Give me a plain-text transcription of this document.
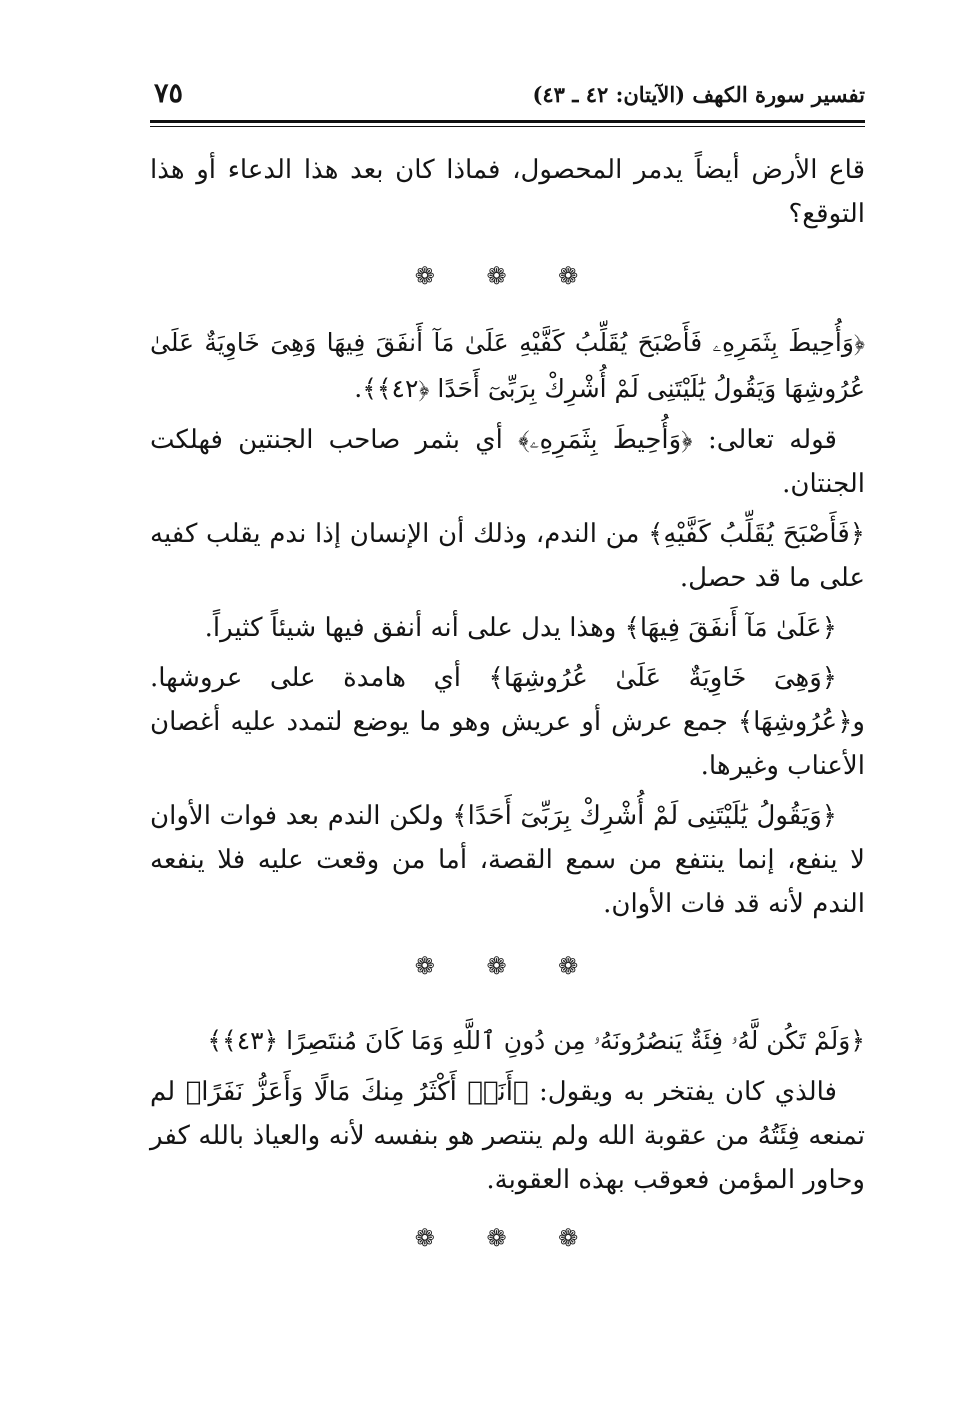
تفسير سورة الكهف (الآيتان: ٤٢ ـ ٤٣)
٧٥

قاع الأرض أيضاً يدمر المحصول، فماذا كان بعد هذا الدعاء أو هذا التوقع؟

❁ ❁ ❁

﴿وَأُحِيطَ بِثَمَرِهِۦ فَأَصْبَحَ يُقَلِّبُ كَفَّيْهِ عَلَىٰ مَآ أَنفَقَ فِيهَا وَهِىَ خَاوِيَةٌ عَلَىٰ عُرُوشِهَا وَيَقُولُ يَٰلَيْتَنِى لَمْ أُشْرِكْ بِرَبِّىٓ أَحَدًا ﴿٤٢﴾﴾.

قوله تعالى: ﴿وَأُحِيطَ بِثَمَرِهِۦ﴾ أي بثمر صاحب الجنتين فهلكت الجنتان.

﴿فَأَصْبَحَ يُقَلِّبُ كَفَّيْهِ﴾ من الندم، وذلك أن الإنسان إذا ندم يقلب كفيه على ما قد حصل.

﴿عَلَىٰ مَآ أَنفَقَ فِيهَا﴾ وهذا يدل على أنه أنفق فيها شيئاً كثيراً.

﴿وَهِىَ خَاوِيَةٌ عَلَىٰ عُرُوشِهَا﴾ أي هامدة على عروشها. و﴿عُرُوشِهَا﴾ جمع عرش أو عريش وهو ما يوضع لتمدد عليه أغصان الأعناب وغيرها.

﴿وَيَقُولُ يَٰلَيْتَنِى لَمْ أُشْرِكْ بِرَبِّىٓ أَحَدًا﴾ ولكن الندم بعد فوات الأوان لا ينفع، إنما ينتفع من سمع القصة، أما من وقعت عليه فلا ينفعه الندم لأنه قد فات الأوان.

❁ ❁ ❁

﴿وَلَمْ تَكُن لَّهُۥ فِئَةٌ يَنصُرُونَهُۥ مِن دُونِ ٱللَّهِ وَمَا كَانَ مُنتَصِرًا ﴿٤٣﴾﴾

فالذي كان يفتخر به ويقول: ﴿أَنَا۠ أَكْثَرُ مِنكَ مَالًا وَأَعَزُّ نَفَرًا﴾ لم تمنعه فِئَتُهُ من عقوبة الله ولم ينتصر هو بنفسه لأنه والعياذ بالله كفر وحاور المؤمن فعوقب بهذه العقوبة.

❁ ❁ ❁
